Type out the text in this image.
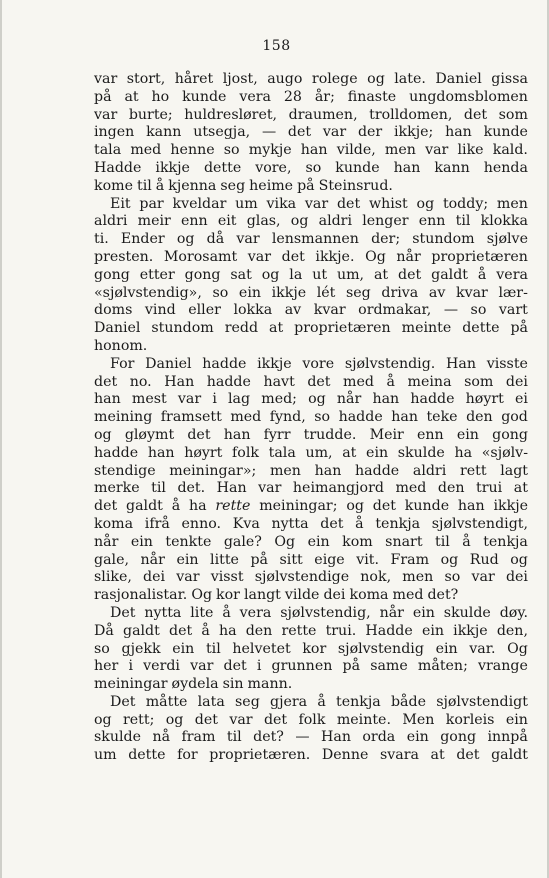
158
var stort, håret ljost, augo rolege og late. Daniel gissa
på at ho kunde vera 28 år; finaste ungdomsblomen
var burte; huldresløret, draumen, trolldomen, det som
ingen kann utsegja, — det var der ikkje; han kunde
tala med henne so mykje han vilde, men var like kald.
Hadde ikkje dette vore, so kunde han kann henda
kome til å kjenna seg heime på Steinsrud.
Eit par kveldar um vika var det whist og toddy; men
aldri meir enn eit glas, og aldri lenger enn til klokka
ti. Ender og då var lensmannen der; stundom sjølve
presten. Morosamt var det ikkje. Og når proprietæren
gong etter gong sat og la ut um, at det galdt å vera
«sjølvstendig», so ein ikkje lét seg driva av kvar lær-
doms vind eller lokka av kvar ordmakar, — so vart
Daniel stundom redd at proprietæren meinte dette på
honom.
For Daniel hadde ikkje vore sjølvstendig. Han visste
det no. Han hadde havt det med å meina som dei
han mest var i lag med; og når han hadde høyrt ei
meining framsett med fynd, so hadde han teke den god
og gløymt det han fyrr trudde. Meir enn ein gong
hadde han høyrt folk tala um, at ein skulde ha «sjølv-
stendige meiningar»; men han hadde aldri rett lagt
merke til det. Han var heimangjord med den trui at
det galdt å ha rette meiningar; og det kunde han ikkje
koma ifrå enno. Kva nytta det å tenkja sjølvstendigt,
når ein tenkte gale? Og ein kom snart til å tenkja
gale, når ein litte på sitt eige vit. Fram og Rud og
slike, dei var visst sjølvstendige nok, men so var dei
rasjonalistar. Og kor langt vilde dei koma med det?
Det nytta lite å vera sjølvstendig, når ein skulde døy.
Då galdt det å ha den rette trui. Hadde ein ikkje den,
so gjekk ein til helvetet kor sjølvstendig ein var. Og
her i verdi var det i grunnen på same måten; vrange
meiningar øydela sin mann.
Det måtte lata seg gjera å tenkja både sjølvstendigt
og rett; og det var det folk meinte. Men korleis ein
skulde nå fram til det? — Han orda ein gong innpå
um dette for proprietæren. Denne svara at det galdt
